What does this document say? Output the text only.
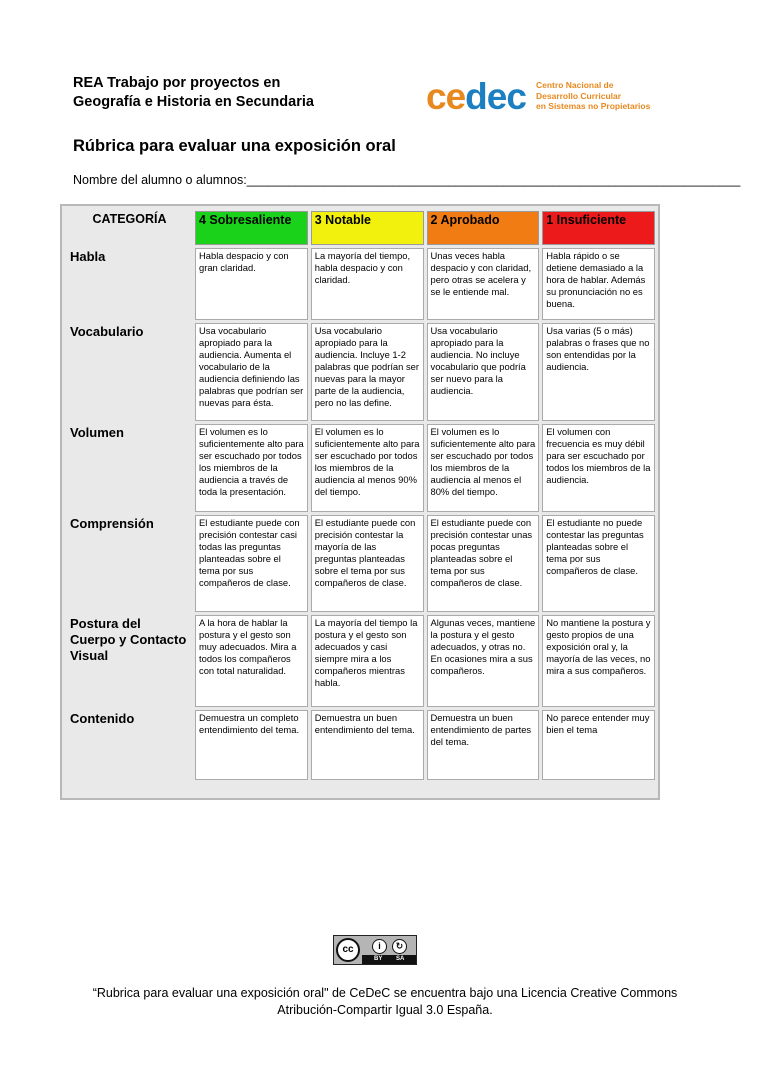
REA Trabajo por proyectos en
Geografía e Historia en Secundaria	cedec Centro Nacional de
Desarrollo Curricular
en Sistemas no Propietarios
Rúbrica para evaluar una exposición oral
Nombre del alumno o alumnos:_______________________________________________________________________
CATEGORÍA	4 Sobresaliente	3 Notable	2 Aprobado	1 Insuficiente
Habla	Habla despacio y con gran claridad.	La mayoría del tiempo, habla despacio y con claridad.	Unas veces habla despacio y con claridad, pero otras se acelera y se le entiende mal.	Habla rápido o se detiene demasiado a la hora de hablar. Además su pronunciación no es buena.
Vocabulario	Usa vocabulario apropiado para la audiencia. Aumenta el vocabulario de la audiencia definiendo las palabras que podrían ser nuevas para ésta.	Usa vocabulario apropiado para la audiencia. Incluye 1-2 palabras que podrían ser nuevas para la mayor parte de la audiencia, pero no las define.	Usa vocabulario apropiado para la audiencia. No incluye vocabulario que podría ser nuevo para la audiencia.	Usa varias (5 o más) palabras o frases que no son entendidas por la audiencia.
Volumen	El volumen es lo suficientemente alto para ser escuchado por todos los miembros de la audiencia a través de toda la presentación.	El volumen es lo suficientemente alto para ser escuchado por todos los miembros de la audiencia al menos 90% del tiempo.	El volumen es lo suficientemente alto para ser escuchado por todos los miembros de la audiencia al menos el 80% del tiempo.	El volumen con frecuencia es muy débil para ser escuchado por todos los miembros de la audiencia.
Comprensión	El estudiante puede con precisión contestar casi todas las preguntas planteadas sobre el tema por sus compañeros de clase.	El estudiante puede con precisión contestar la mayoría de las preguntas planteadas sobre el tema por sus compañeros de clase.	El estudiante puede con precisión contestar unas pocas preguntas planteadas sobre el tema por sus compañeros de clase.	El estudiante no puede contestar las preguntas planteadas sobre el tema por sus compañeros de clase.
Postura del Cuerpo y Contacto Visual	A la hora de hablar la postura y el gesto son muy adecuados. Mira a todos los compañeros con total naturalidad.	La mayoría del tiempo la postura y el gesto son adecuados y casi siempre mira a los compañeros mientras habla.	Algunas veces, mantiene la postura y el gesto adecuados, y otras no. En ocasiones mira a sus compañeros.	No mantiene la postura y gesto propios de una exposición oral y, la mayoría de las veces, no mira a sus compañeros.
Contenido	Demuestra un completo entendimiento del tema.	Demuestra un buen entendimiento del tema.	Demuestra un buen entendimiento de partes del tema.	No parece entender muy bien el tema
cc	i	↻
BY SA
“Rubrica para evaluar una exposición oral" de CeDeC se encuentra bajo una Licencia Creative Commons
Atribución-Compartir Igual 3.0 España.
